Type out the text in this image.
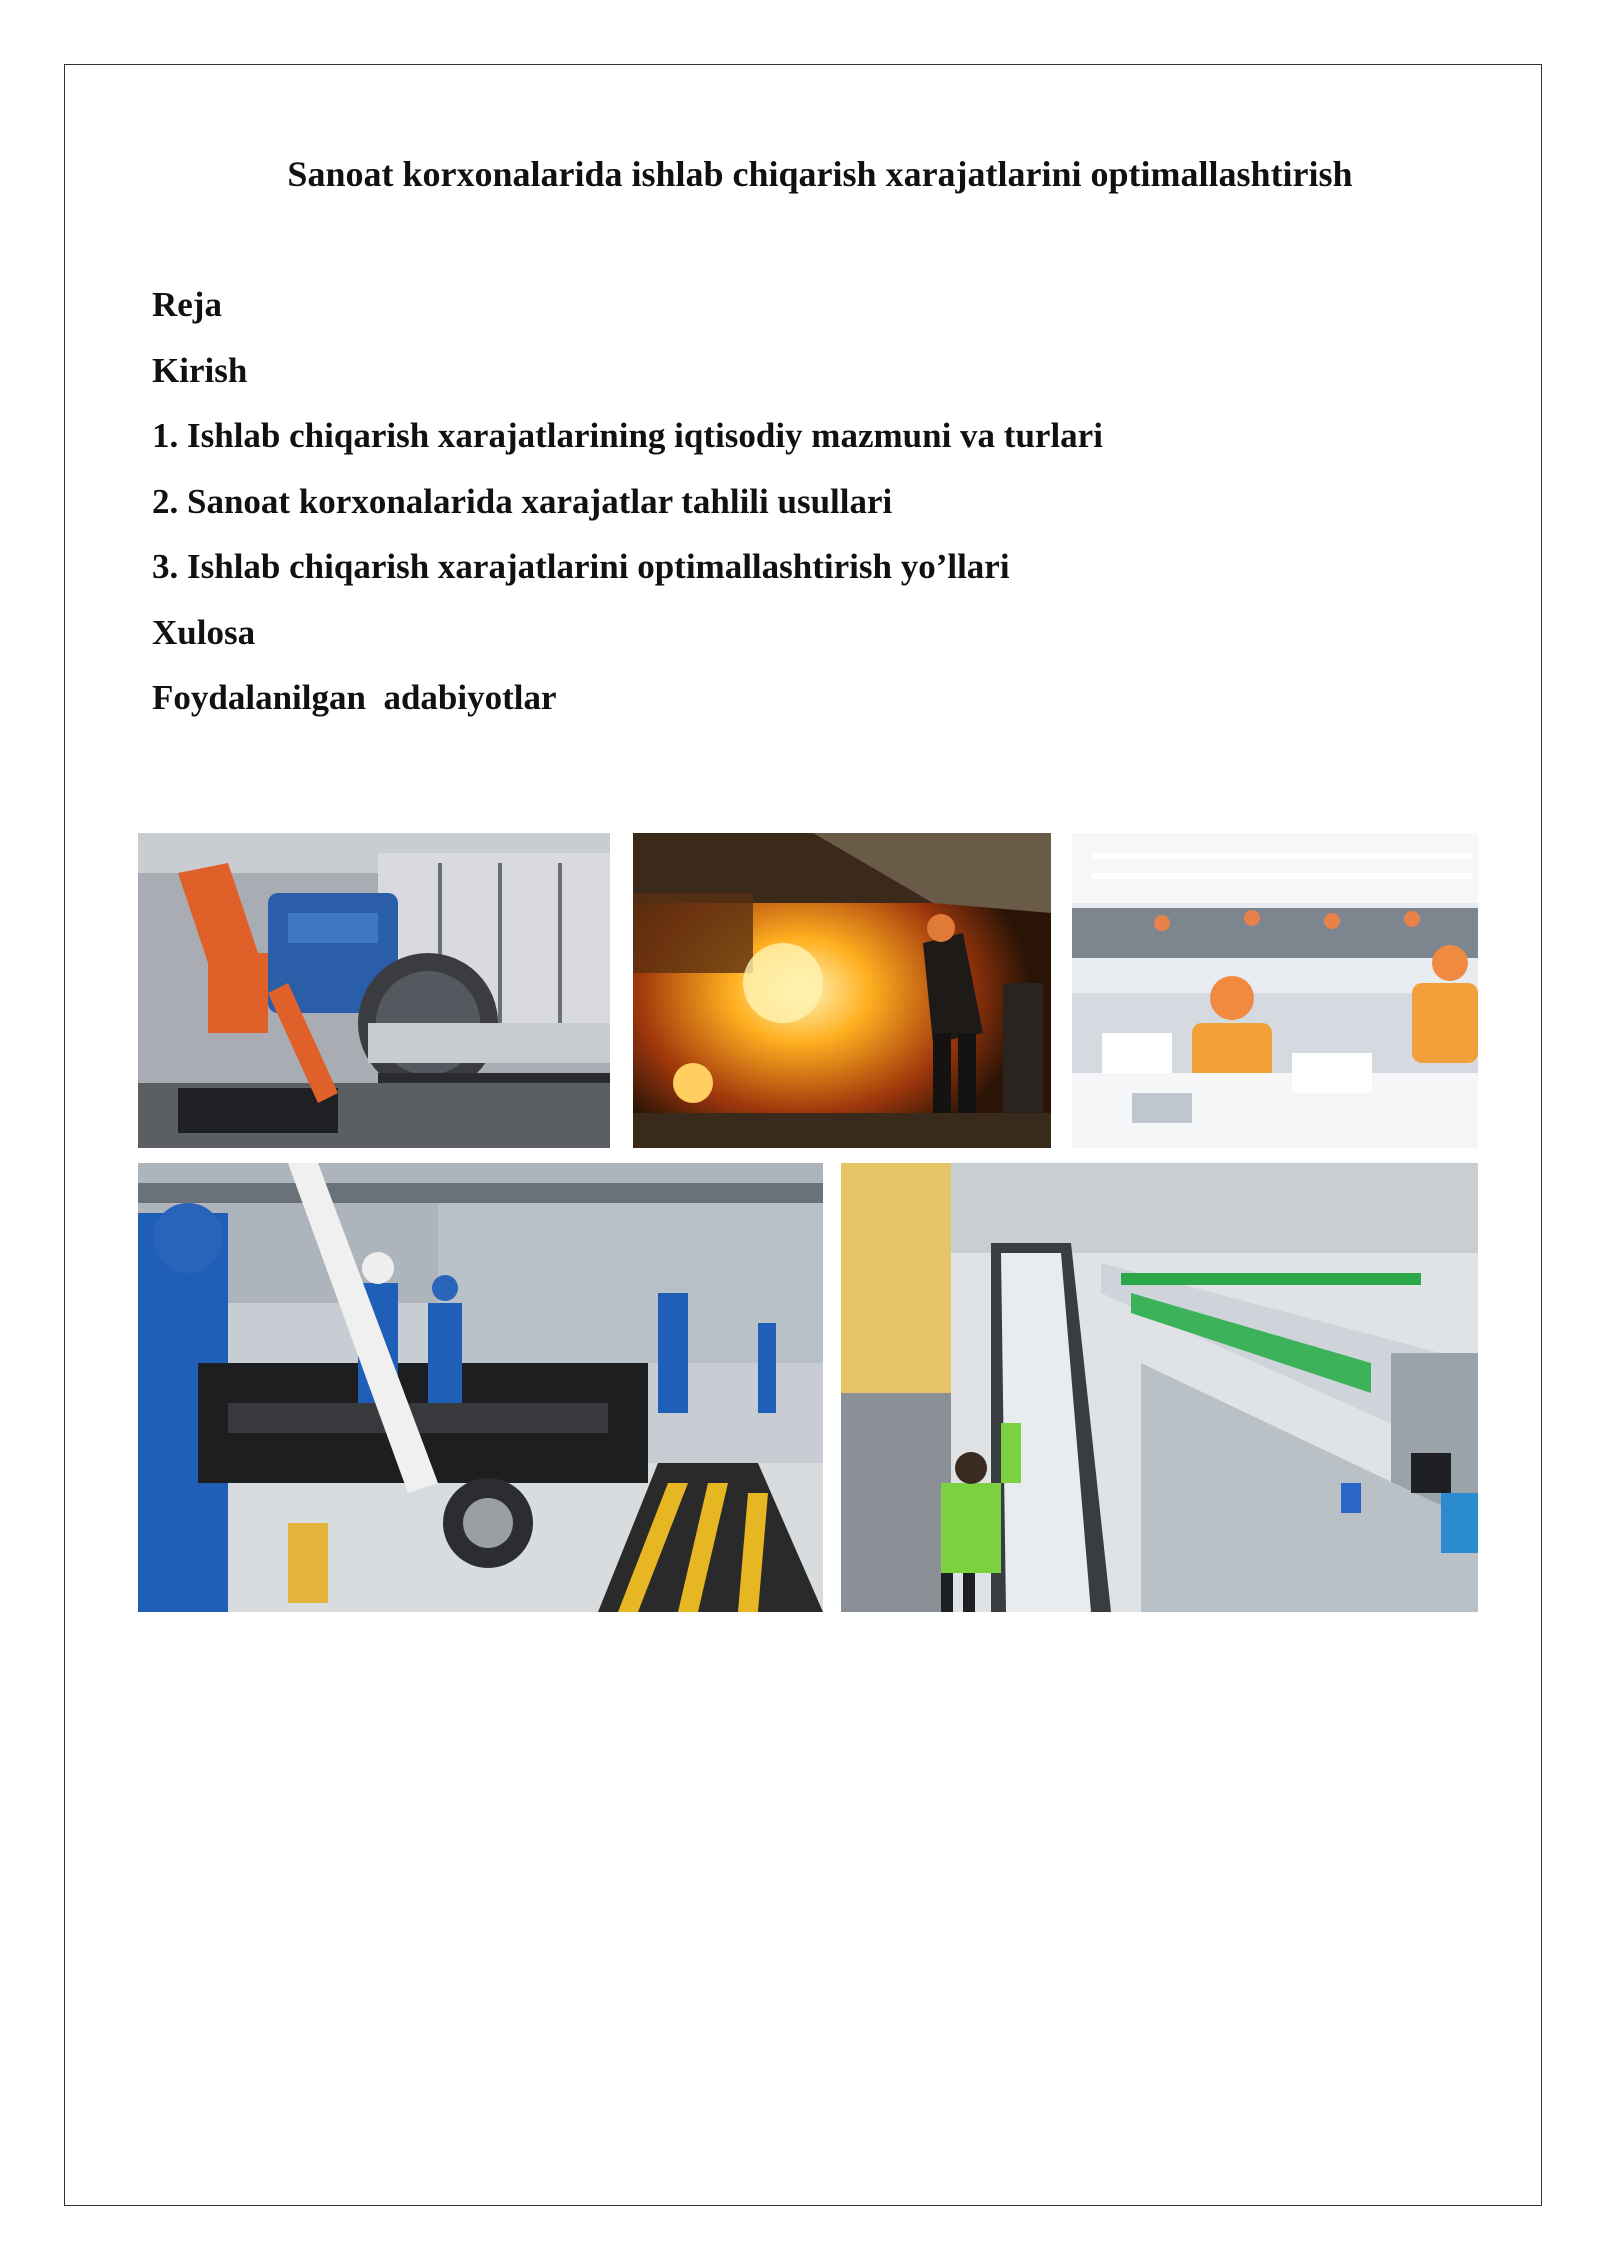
Sanoat korxonalarida ishlab chiqarish xarajatlarini optimallashtirish
Reja
Kirish
1. Ishlab chiqarish xarajatlarining iqtisodiy mazmuni va turlari
2. Sanoat korxonalarida xarajatlar tahlili usullari
3. Ishlab chiqarish xarajatlarini optimallashtirish yo’llari
Xulosa
Foydalanilgan  adabiyotlar
